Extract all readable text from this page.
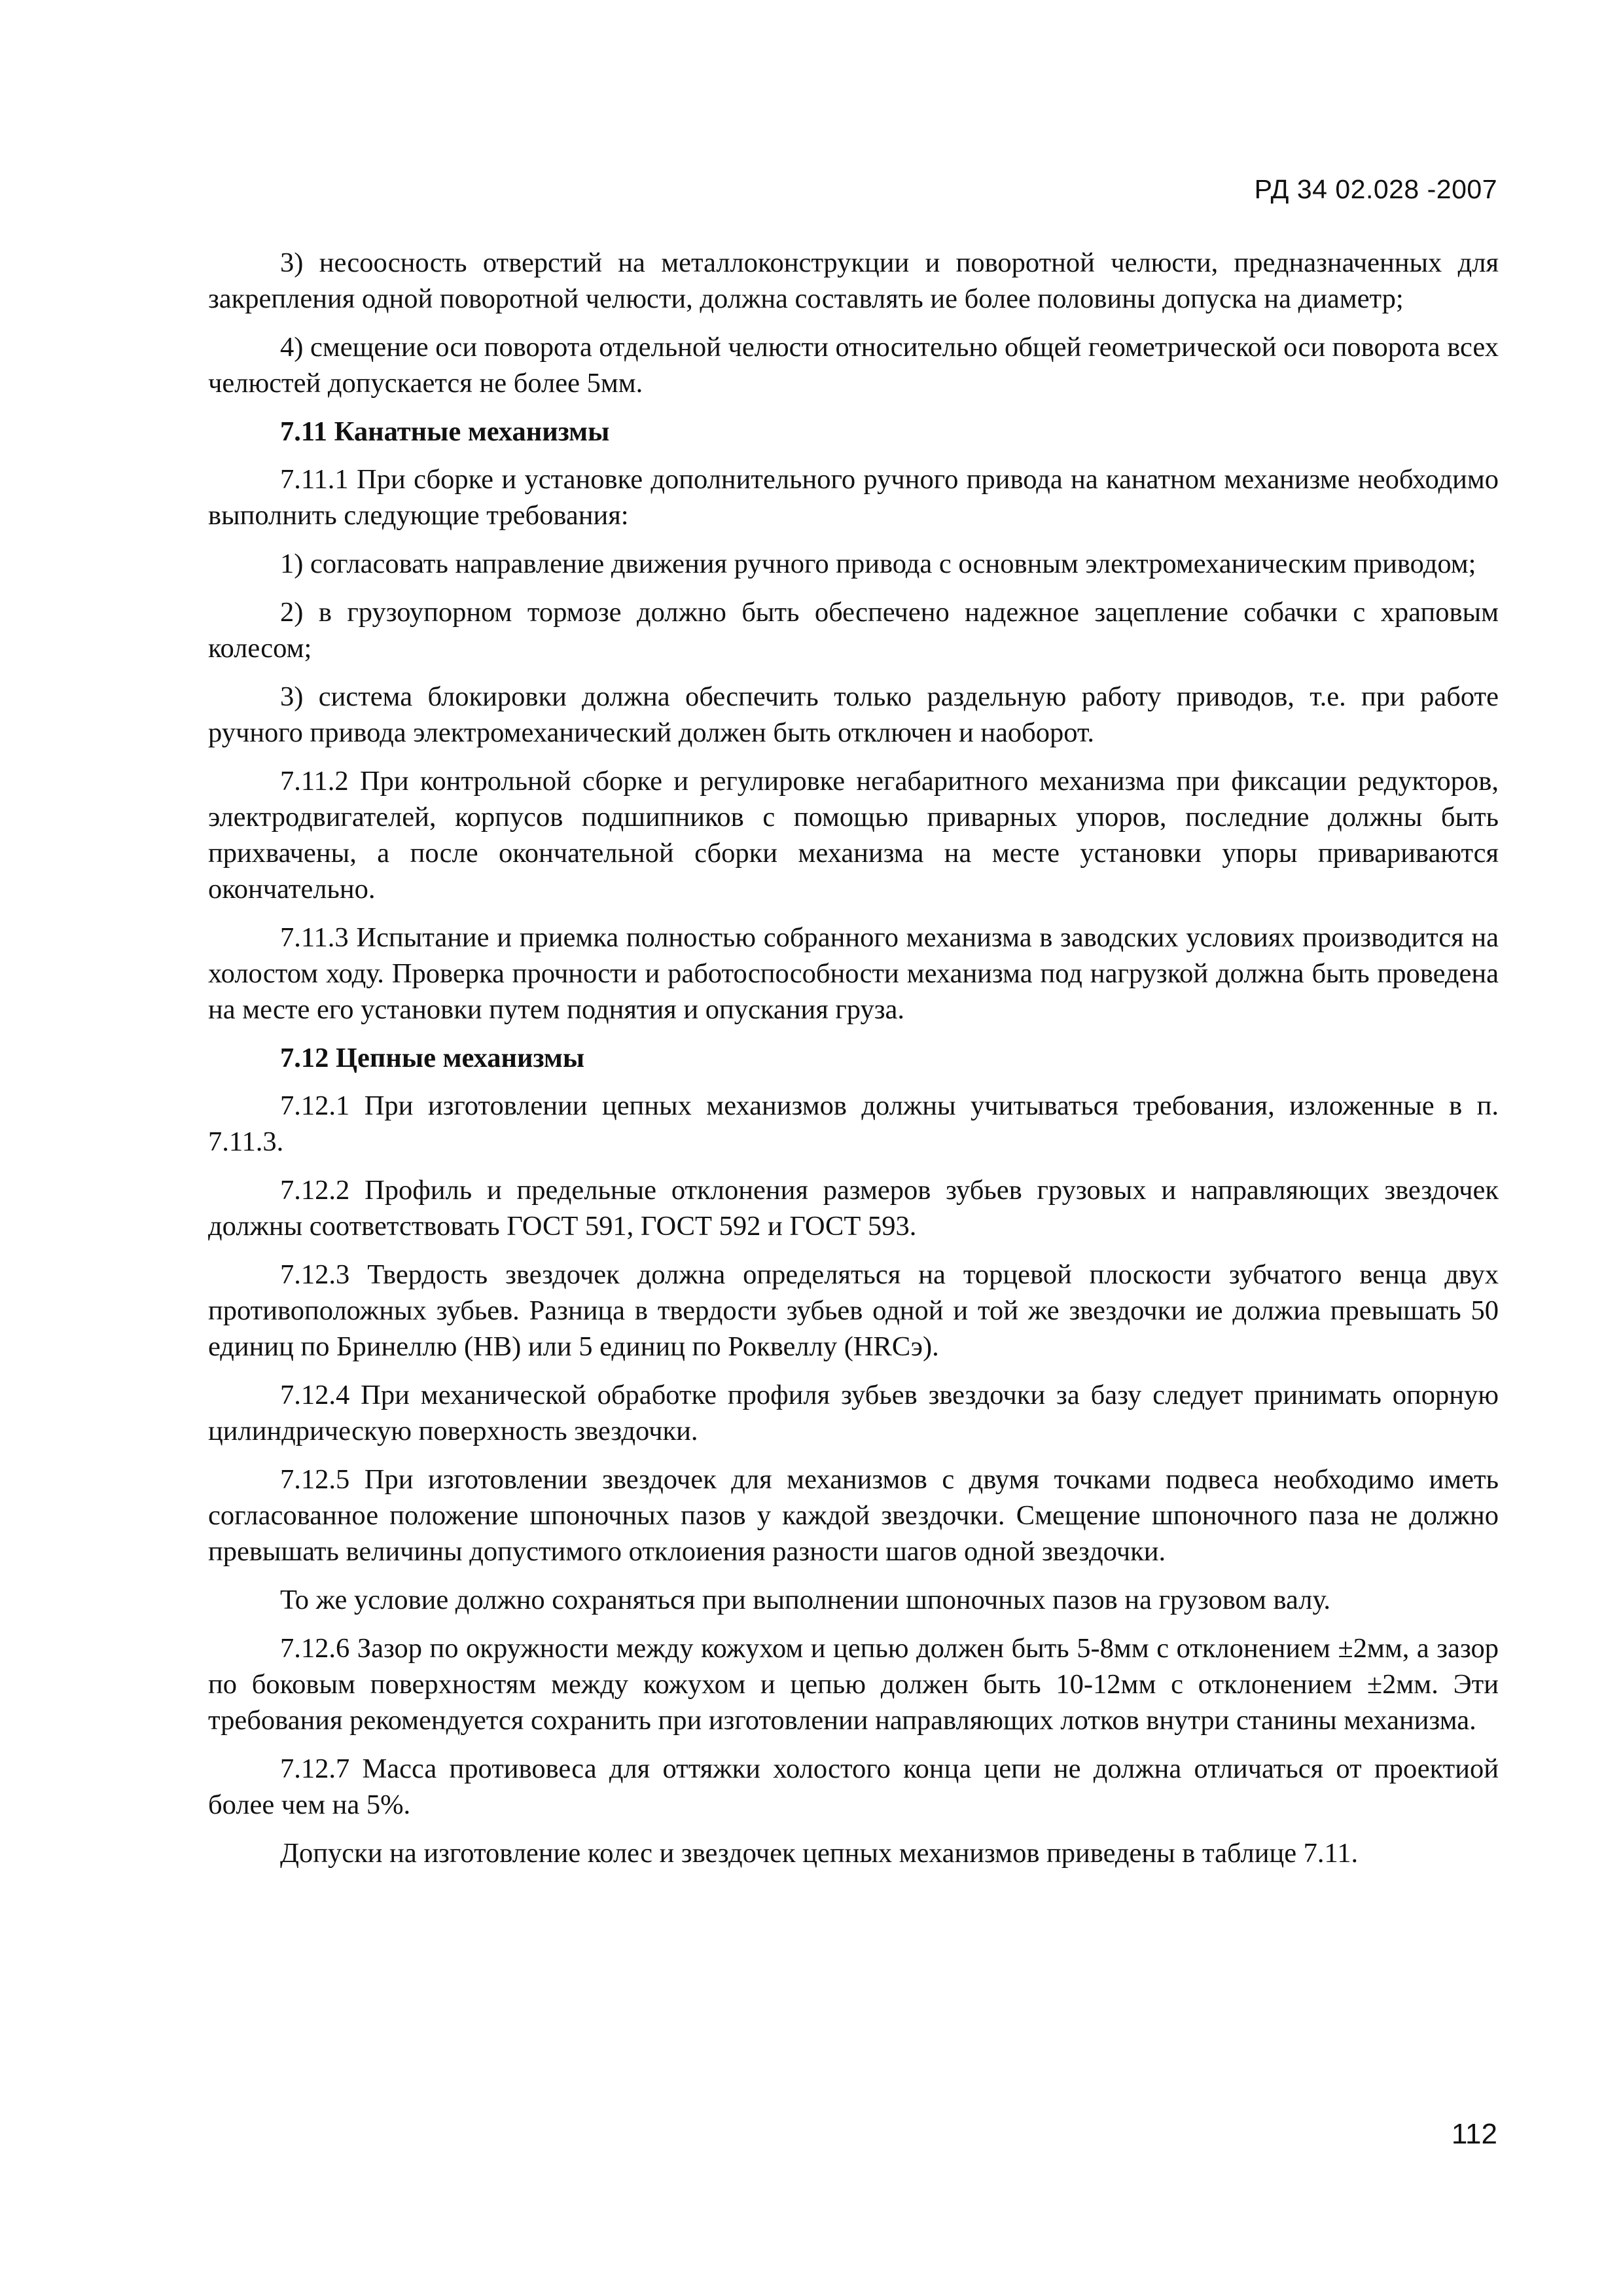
РД 34 02.028 -2007

3) несоосность отверстий на металлоконструкции и поворотной челюсти, предназначенных для закрепления одной поворотной челюсти, должна составлять ие более половины допуска на диаметр;

4) смещение оси поворота отдельной челюсти относительно общей геометрической оси поворота всех челюстей допускается не более 5мм.

7.11 Канатные механизмы

7.11.1 При сборке и установке дополнительного ручного привода на канатном механизме необходимо выполнить следующие требования:

1) согласовать направление движения ручного привода с основным электромеханическим приводом;

2) в грузоупорном тормозе должно быть обеспечено надежное зацепление собачки с храповым колесом;

3) система блокировки должна обеспечить только раздельную работу приводов, т.е. при работе ручного привода электромеханический должен быть отключен и наоборот.

7.11.2 При контрольной сборке и регулировке негабаритного механизма при фиксации редукторов, электродвигателей, корпусов подшипников с помощью приварных упоров, последние должны быть прихвачены, а после окончательной сборки механизма на месте установки упоры привариваются окончательно.

7.11.3 Испытание и приемка полностью собранного механизма в заводских условиях производится на холостом ходу. Проверка прочности и работоспособности механизма под нагрузкой должна быть проведена на месте его установки путем поднятия и опускания груза.

7.12 Цепные механизмы

7.12.1 При изготовлении цепных механизмов должны учитываться требования, изложенные в п. 7.11.3.

7.12.2 Профиль и предельные отклонения размеров зубьев грузовых и направляющих звездочек должны соответствовать ГОСТ 591, ГОСТ 592 и ГОСТ 593.

7.12.3 Твердость звездочек должна определяться на торцевой плоскости зубчатого венца двух противоположных зубьев. Разница в твердости зубьев одной и той же звездочки ие должиа превышать 50 единиц по Бринеллю (НВ) или 5 единиц по Роквеллу (НRСэ).

7.12.4 При механической обработке профиля зубьев звездочки за базу следует принимать опорную цилиндрическую поверхность звездочки.

7.12.5 При изготовлении звездочек для механизмов с двумя точками подвеса необходимо иметь согласованное положение шпоночных пазов у каждой звездочки. Смещение шпоночного паза не должно превышать величины допустимого отклоиения разности шагов одной звездочки.

То же условие должно сохраняться при выполнении шпоночных пазов на грузовом валу.

7.12.6 Зазор по окружности между кожухом и цепью должен быть 5-8мм с отклонением ±2мм, а зазор по боковым поверхностям между кожухом и цепью должен быть 10-12мм с отклонением ±2мм. Эти требования рекомендуется сохранить при изготовлении направляющих лотков внутри станины механизма.

7.12.7 Масса противовеса для оттяжки холостого конца цепи не должна отличаться от проектиой более чем на 5%.

Допуски на изготовление колес и звездочек цепных механизмов приведены в таблице 7.11.

112
